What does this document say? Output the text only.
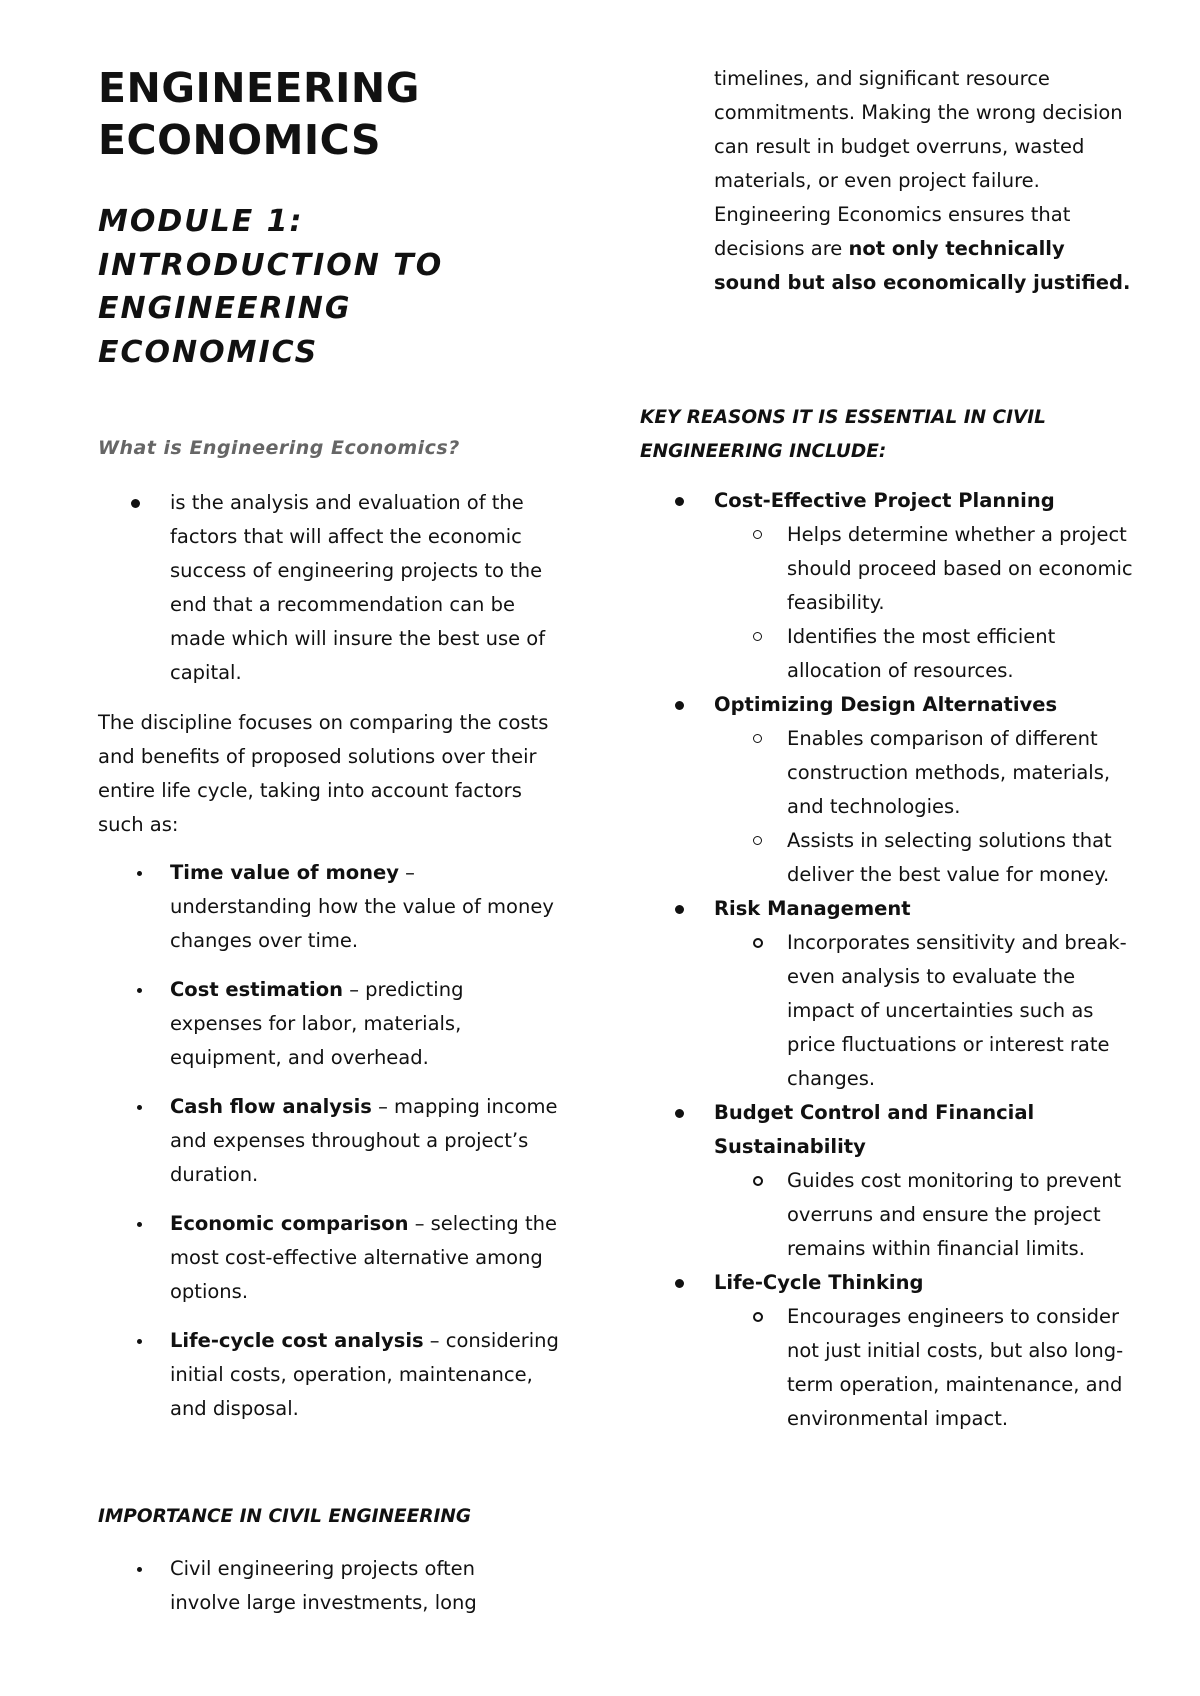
ENGINEERING
ECONOMICS
MODULE 1: INTRODUCTION TO ENGINEERING ECONOMICS
What is Engineering Economics?
is the analysis and evaluation of the factors that will affect the economic success of engineering projects to the end that a recommendation can be made which will insure the best use of capital.

The discipline focuses on comparing the costs and benefits of proposed solutions over their entire life cycle, taking into account factors such as:

Time value of money – understanding how the value of money changes over time.
Cost estimation – predicting expenses for labor, materials, equipment, and overhead.
Cash flow analysis – mapping income and expenses throughout a project’s duration.
Economic comparison – selecting the most cost-effective alternative among options.
Life-cycle cost analysis – considering initial costs, operation, maintenance, and disposal.

IMPORTANCE IN CIVIL ENGINEERING

Civil engineering projects often involve large investments, long

timelines, and significant resource commitments. Making the wrong decision can result in budget overruns, wasted materials, or even project failure. Engineering Economics ensures that decisions are not only technically sound but also economically justified.

KEY REASONS IT IS ESSENTIAL IN CIVIL ENGINEERING INCLUDE:

Cost-Effective Project Planning
Helps determine whether a project should proceed based on economic feasibility.
Identifies the most efficient allocation of resources.
Optimizing Design Alternatives
Enables comparison of different construction methods, materials, and technologies.
Assists in selecting solutions that deliver the best value for money.
Risk Management
Incorporates sensitivity and break-even analysis to evaluate the impact of uncertainties such as price fluctuations or interest rate changes.
Budget Control and Financial Sustainability
Guides cost monitoring to prevent overruns and ensure the project remains within financial limits.
Life-Cycle Thinking
Encourages engineers to consider not just initial costs, but also long-term operation, maintenance, and environmental impact.
